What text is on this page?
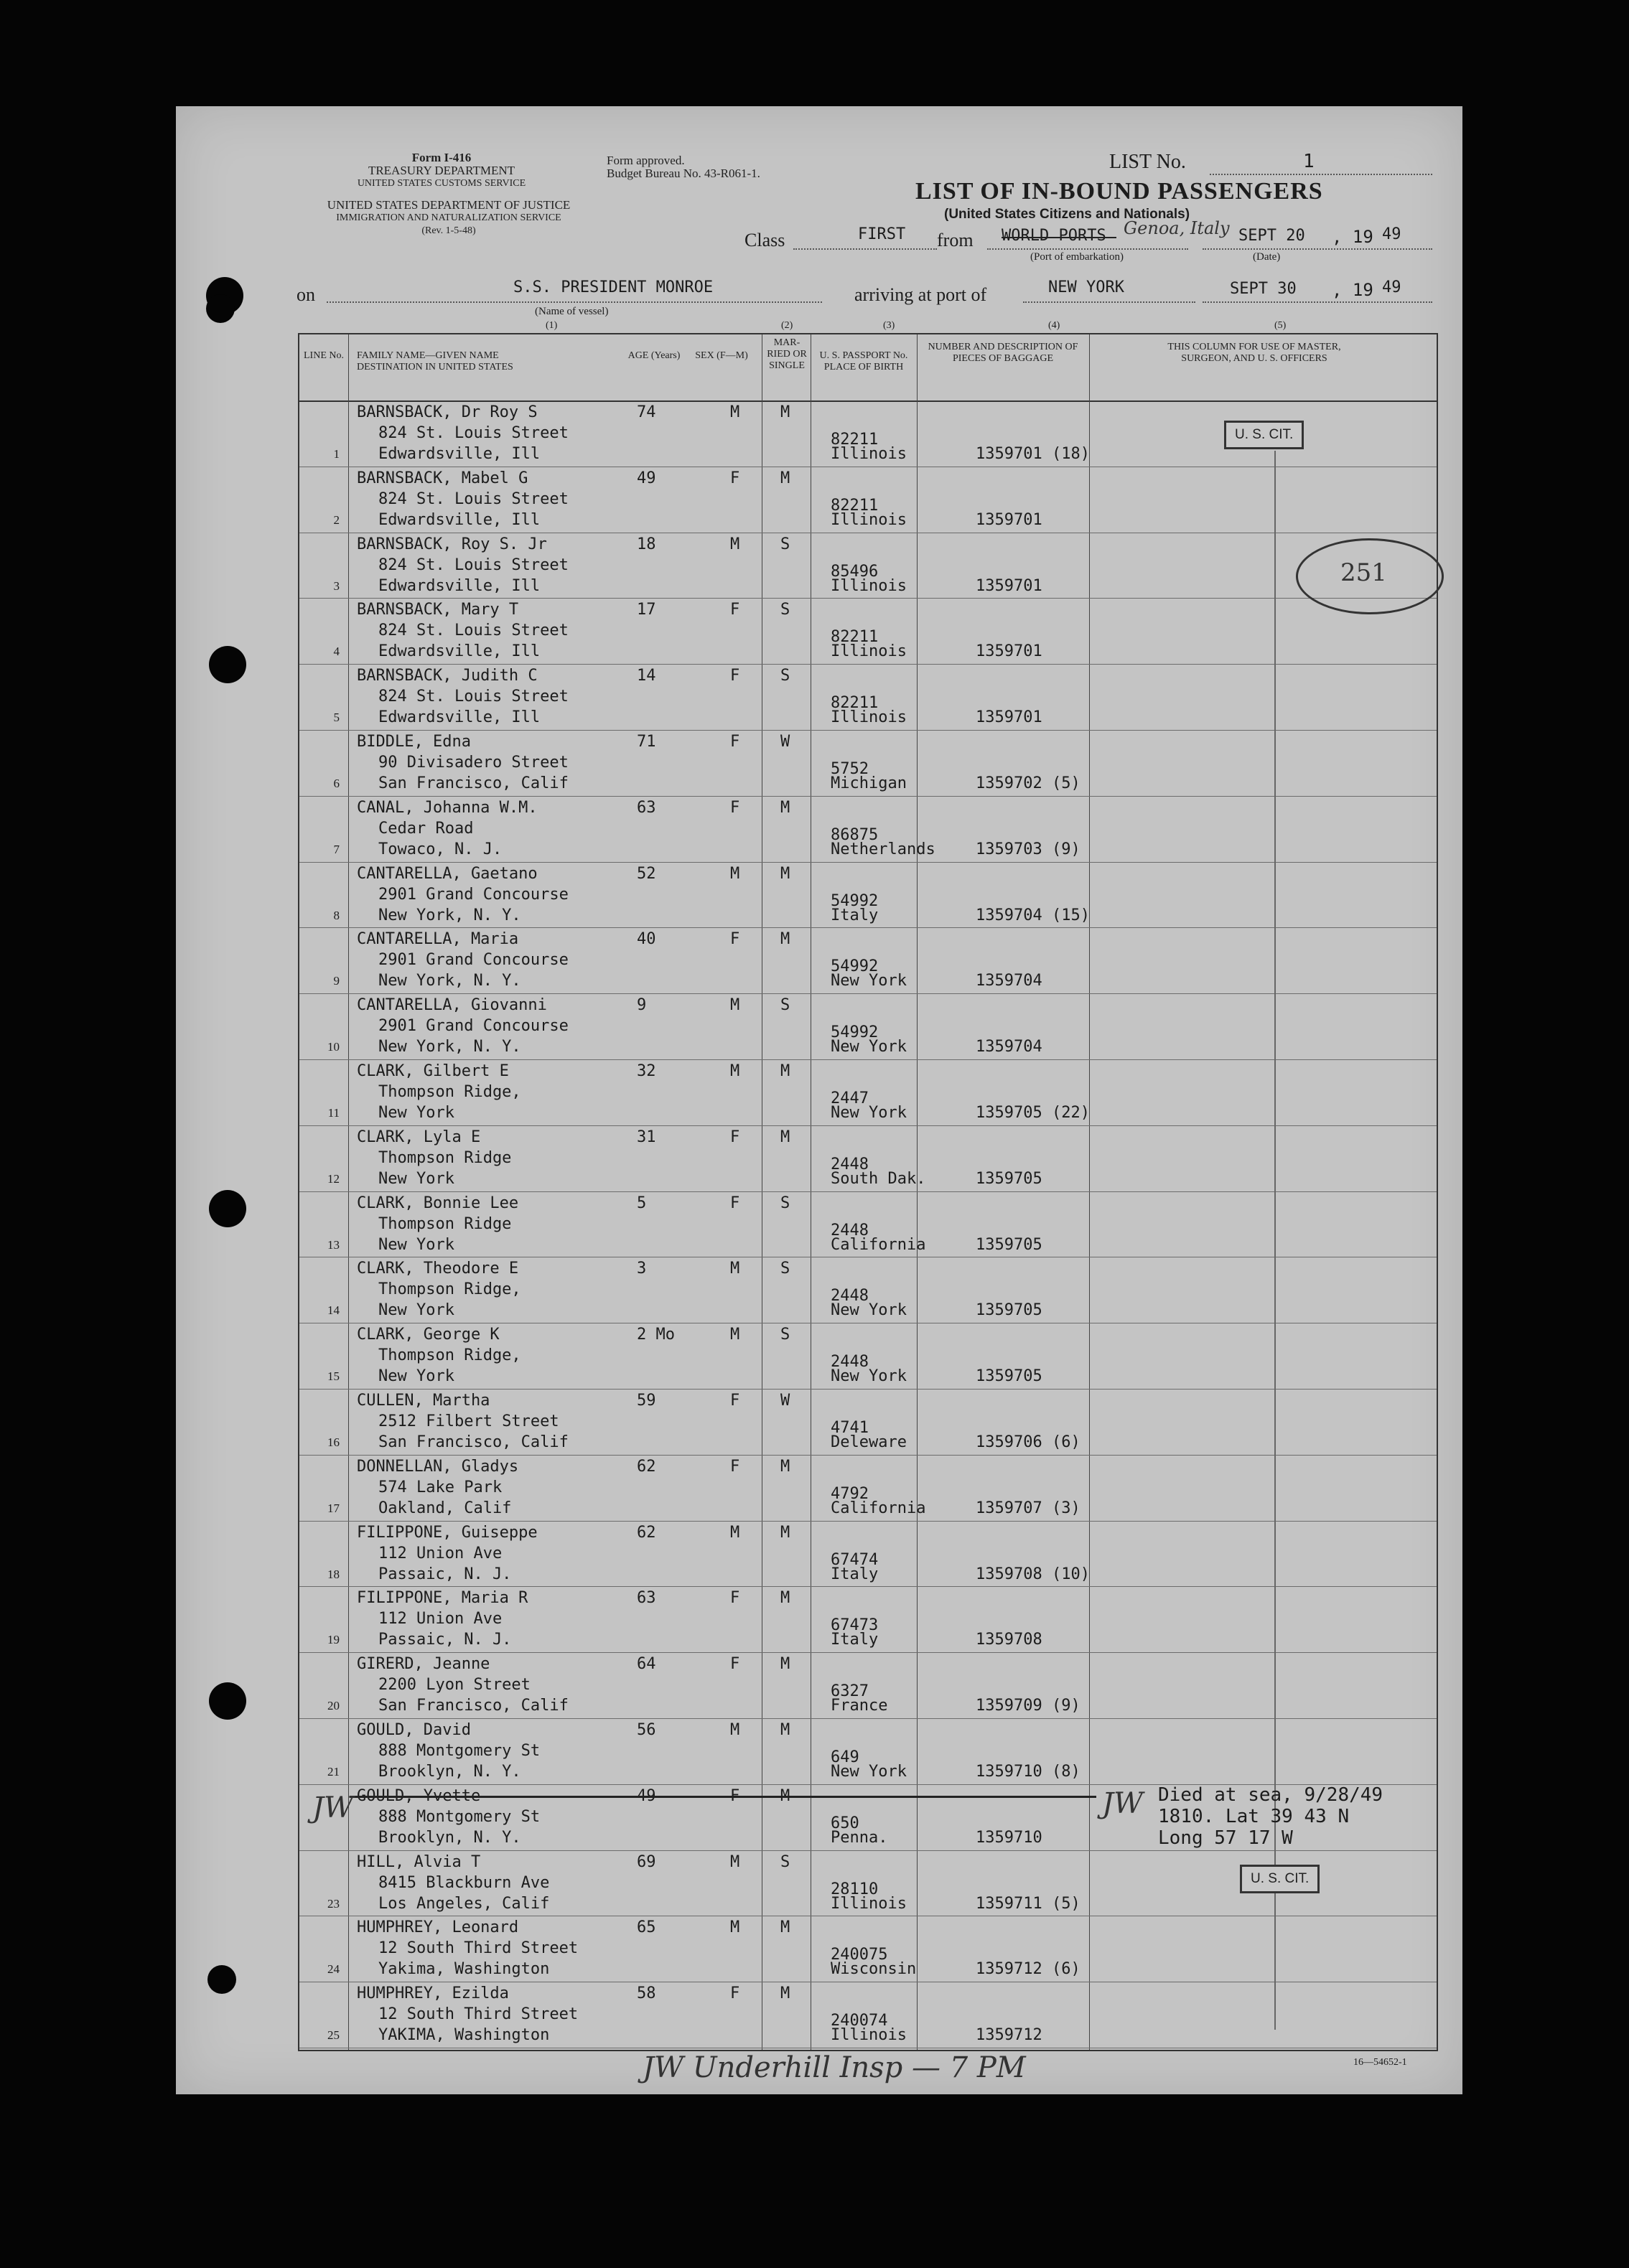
Form I-416
TREASURY DEPARTMENT
UNITED STATES CUSTOMS SERVICE
UNITED STATES DEPARTMENT OF JUSTICE
IMMIGRATION AND NATURALIZATION SERVICE
(Rev. 1-5-48)
Form approved.
Budget Bureau No. 43-R061-1.
LIST No.	1
LIST OF IN-BOUND PASSENGERS
(United States Citizens and Nationals)
Class	FIRST from WORLD PORTS Genoa, Italy SEPT 20 , 19 49
(Port of embarkation)	(Date)
on	S.S. PRESIDENT MONROE
(Name of vessel)
arriving at port of	NEW YORK	SEPT 30 , 19 49
(1)	(2)	(3)	(4)	(5)
LINE No. FAMILY NAME—GIVEN NAME DESTINATION IN UNITED STATES
AGE (Years) SEX (F—M)
MAR-RIED OR SINGLE
U. S. PASSPORT No. PLACE OF BIRTH
NUMBER AND DESCRIPTION OF PIECES OF BAGGAGE
THIS COLUMN FOR USE OF MASTER, SURGEON, AND U. S. OFFICERS
1
BARNSBACK, Dr Roy S
824 St. Louis Street
Edwardsville, Ill
74	M	M
82211
Illinois	1359701 (18)
2
BARNSBACK, Mabel G
824 St. Louis Street
Edwardsville, Ill
49	F	M
82211
Illinois	1359701
3
BARNSBACK, Roy S. Jr
824 St. Louis Street
Edwardsville, Ill
18	M	S
85496
Illinois	1359701
4
BARNSBACK, Mary T
824 St. Louis Street
Edwardsville, Ill
17	F	S
82211
Illinois	1359701
5
BARNSBACK, Judith C
824 St. Louis Street
Edwardsville, Ill
14	F	S
82211
Illinois	1359701
6
BIDDLE, Edna
90 Divisadero Street
San Francisco, Calif
71	F	W
5752
Michigan	1359702 (5)
7
CANAL, Johanna W.M.
Cedar Road
Towaco, N. J.
63	F	M
86875
Netherlands	1359703 (9)
8
CANTARELLA, Gaetano
2901 Grand Concourse
New York, N. Y.
52	M	M
54992
Italy	1359704 (15)
9
CANTARELLA, Maria
2901 Grand Concourse
New York, N. Y.
40	F	M
54992
New York	1359704
10
CANTARELLA, Giovanni
2901 Grand Concourse
New York, N. Y.
9	M	S
54992
New York	1359704
11
CLARK, Gilbert E
Thompson Ridge,
New York
32	M	M
2447
New York	1359705 (22)
12
CLARK, Lyla E
Thompson Ridge
New York
31	F	M
2448
South Dak.	1359705
13
CLARK, Bonnie Lee
Thompson Ridge
New York
5	F	S
2448
California	1359705
14
CLARK, Theodore E
Thompson Ridge,
New York
3	M	S
2448
New York	1359705
15
CLARK, George K
Thompson Ridge,
New York
2 Mo	M	S
2448
New York	1359705
16
CULLEN, Martha
2512 Filbert Street
San Francisco, Calif
59	F	W
4741
Deleware	1359706 (6)
17
DONNELLAN, Gladys
574 Lake Park
Oakland, Calif
62	F	M
4792
California	1359707 (3)
18
FILIPPONE, Guiseppe
112 Union Ave
Passaic, N. J.
62	M	M
67474
Italy	1359708 (10)
19
FILIPPONE, Maria R
112 Union Ave
Passaic, N. J.
63	F	M
67473
Italy	1359708
20
GIRERD, Jeanne
2200 Lyon Street
San Francisco, Calif
64	F	M
6327
France	1359709 (9)
21
GOULD, David
888 Montgomery St
Brooklyn, N. Y.
56	M	M
649
New York	1359710 (8)
GOULD, Yvette
888 Montgomery St
Brooklyn, N. Y.
49	F	M
650
Penna.	1359710
23
HILL, Alvia T
8415 Blackburn Ave
Los Angeles, Calif
69	M	S
28110
Illinois	1359711 (5)
24
HUMPHREY, Leonard
12 South Third Street
Yakima, Washington
65	M	M
240075
Wisconsin	1359712 (6)
25
HUMPHREY, Ezilda
12 South Third Street
YAKIMA, Washington
58	F	M
240074
Illinois	1359712
U. S. CIT.
251
Died at sea, 9/28/49
1810. Lat 39 43 N
Long 57 17 W
JW	JW
U. S. CIT.
JW Underhill Insp — 7 PM	16—54652-1
